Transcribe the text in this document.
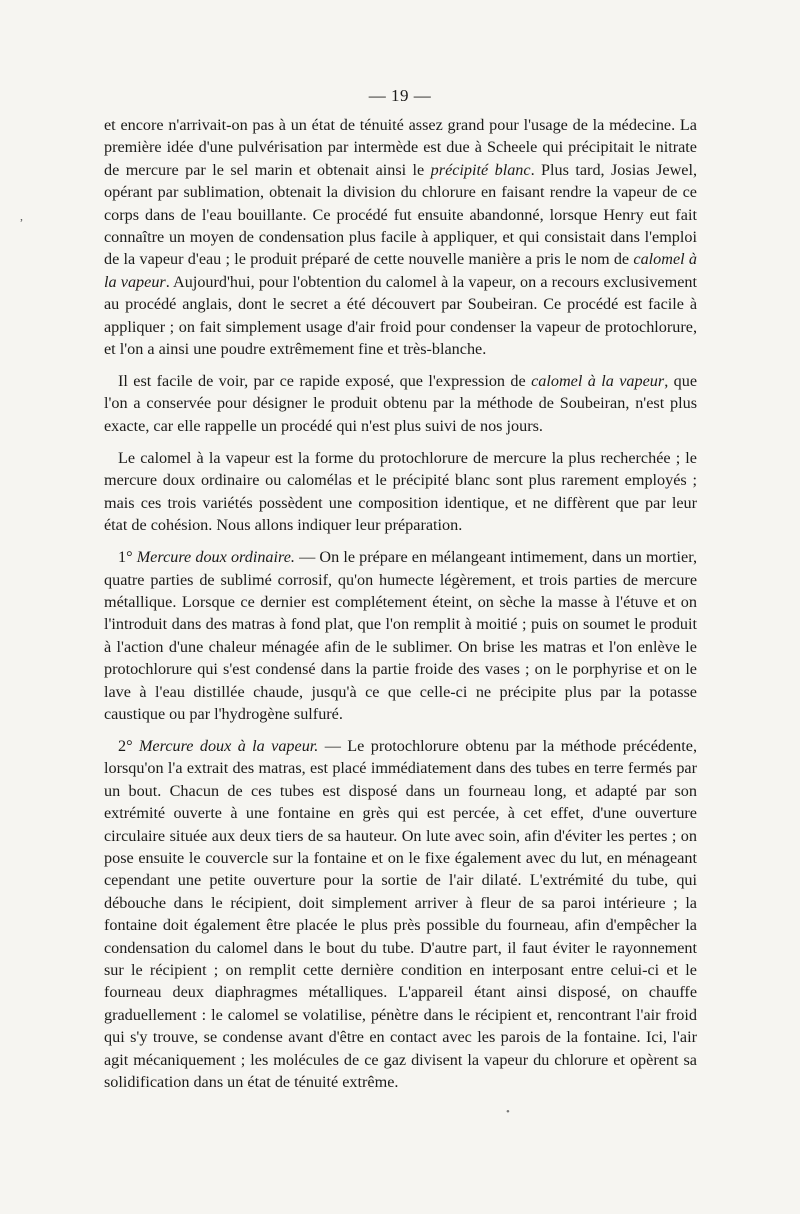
— 19 —
,

et encore n'arrivait-on pas à un état de ténuité assez grand pour l'usage de la médecine. La première idée d'une pulvérisation par intermède est due à Scheele qui précipitait le nitrate de mercure par le sel marin et obtenait ainsi le précipité blanc. Plus tard, Josias Jewel, opérant par sublimation, obtenait la division du chlorure en faisant rendre la vapeur de ce corps dans de l'eau bouillante. Ce procédé fut ensuite abandonné, lorsque Henry eut fait connaître un moyen de condensation plus facile à appliquer, et qui consistait dans l'emploi de la vapeur d'eau ; le produit préparé de cette nouvelle manière a pris le nom de calomel à la vapeur. Aujourd'hui, pour l'obtention du calomel à la vapeur, on a recours exclusivement au procédé anglais, dont le secret a été découvert par Soubeiran. Ce procédé est facile à appliquer ; on fait simplement usage d'air froid pour condenser la vapeur de protochlorure, et l'on a ainsi une poudre extrêmement fine et très-blanche.

Il est facile de voir, par ce rapide exposé, que l'expression de calomel à la vapeur, que l'on a conservée pour désigner le produit obtenu par la méthode de Soubeiran, n'est plus exacte, car elle rappelle un procédé qui n'est plus suivi de nos jours.

Le calomel à la vapeur est la forme du protochlorure de mercure la plus recherchée ; le mercure doux ordinaire ou calomélas et le précipité blanc sont plus rarement employés ; mais ces trois variétés possèdent une composition identique, et ne diffèrent que par leur état de cohésion. Nous allons indiquer leur préparation.

1° Mercure doux ordinaire. — On le prépare en mélangeant intimement, dans un mortier, quatre parties de sublimé corrosif, qu'on humecte légèrement, et trois parties de mercure métallique. Lorsque ce dernier est complétement éteint, on sèche la masse à l'étuve et on l'introduit dans des matras à fond plat, que l'on remplit à moitié ; puis on soumet le produit à l'action d'une chaleur ménagée afin de le sublimer. On brise les matras et l'on enlève le protochlorure qui s'est condensé dans la partie froide des vases ; on le porphyrise et on le lave à l'eau distillée chaude, jusqu'à ce que celle-ci ne précipite plus par la potasse caustique ou par l'hydrogène sulfuré.

2° Mercure doux à la vapeur. — Le protochlorure obtenu par la méthode précédente, lorsqu'on l'a extrait des matras, est placé immédiatement dans des tubes en terre fermés par un bout. Chacun de ces tubes est disposé dans un fourneau long, et adapté par son extrémité ouverte à une fontaine en grès qui est percée, à cet effet, d'une ouverture circulaire située aux deux tiers de sa hauteur. On lute avec soin, afin d'éviter les pertes ; on pose ensuite le couvercle sur la fontaine et on le fixe également avec du lut, en ménageant cependant une petite ouverture pour la sortie de l'air dilaté. L'extrémité du tube, qui débouche dans le récipient, doit simplement arriver à fleur de sa paroi intérieure ; la fontaine doit également être placée le plus près possible du fourneau, afin d'empêcher la condensation du calomel dans le bout du tube. D'autre part, il faut éviter le rayonnement sur le récipient ; on remplit cette dernière condition en interposant entre celui-ci et le fourneau deux diaphragmes métalliques. L'appareil étant ainsi disposé, on chauffe graduellement : le calomel se volatilise, pénètre dans le récipient et, rencontrant l'air froid qui s'y trouve, se condense avant d'être en contact avec les parois de la fontaine. Ici, l'air agit mécaniquement ; les molécules de ce gaz divisent la vapeur du chlorure et opèrent sa solidification dans un état de ténuité extrême.

•
